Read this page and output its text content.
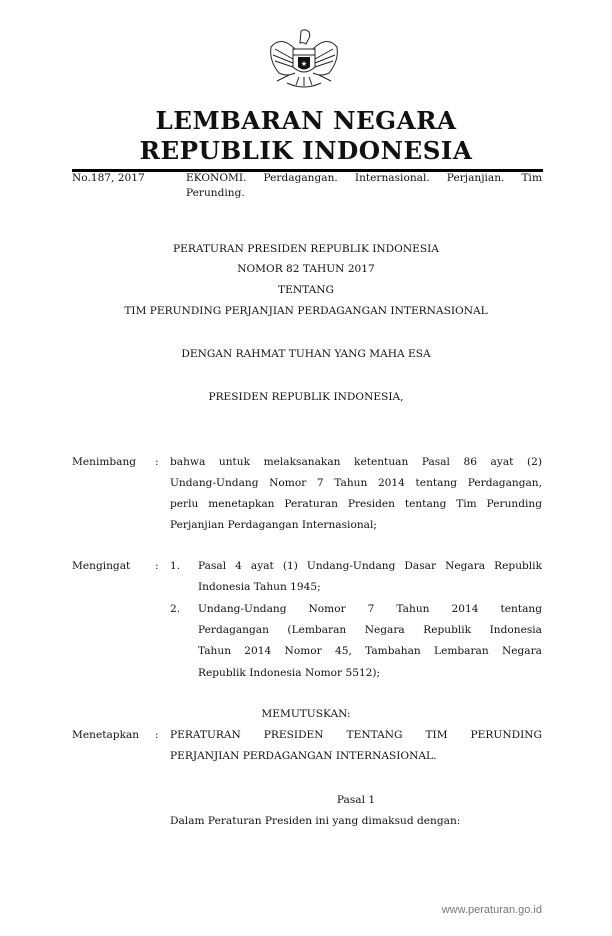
★
LEMBARAN NEGARA
REPUBLIK INDONESIA
No.187, 2017	EKONOMI. Perdagangan. Internasional. Perjanjian. Tim
Perunding.
PERATURAN PRESIDEN REPUBLIK INDONESIA
NOMOR 82 TAHUN 2017
TENTANG
TIM PERUNDING PERJANJIAN PERDAGANGAN INTERNASIONAL
DENGAN RAHMAT TUHAN YANG MAHA ESA
PRESIDEN REPUBLIK INDONESIA,
Menimbang : bahwa untuk melaksanakan ketentuan Pasal 86 ayat (2)
Undang-Undang Nomor 7 Tahun 2014 tentang Perdagangan,
perlu menetapkan Peraturan Presiden tentang Tim Perunding
Perjanjian Perdagangan Internasional;
Mengingat : 1. Pasal 4 ayat (1) Undang-Undang Dasar Negara Republik
Indonesia Tahun 1945;
2. Undang-Undang Nomor 7 Tahun 2014 tentang
Perdagangan (Lembaran Negara Republik Indonesia
Tahun 2014 Nomor 45, Tambahan Lembaran Negara
Republik Indonesia Nomor 5512);
MEMUTUSKAN:
Menetapkan : PERATURAN PRESIDEN TENTANG TIM PERUNDING
PERJANJIAN PERDAGANGAN INTERNASIONAL.
Pasal 1
Dalam Peraturan Presiden ini yang dimaksud dengan:
www.peraturan.go.id
